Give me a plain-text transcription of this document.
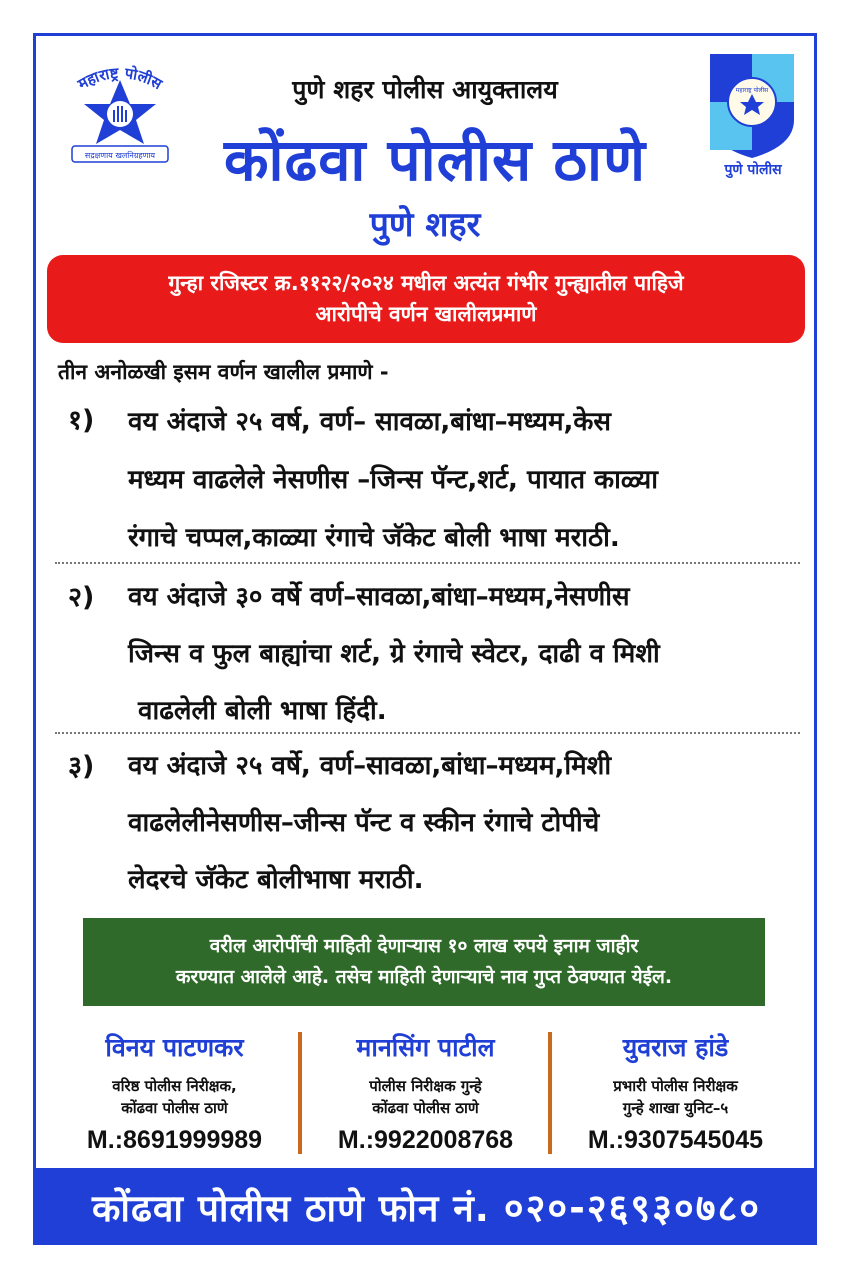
महाराष्ट्र पोलीस
सद्रक्षणाय खलनिग्रहणाय
पुणे शहर पोलीस आयुक्तालय
कोंढवा पोलीस ठाणे
पुणे शहर
महाराष्ट्र पोलीस
पुणे पोलीस
गुन्हा रजिस्टर क्र.११२२/२०२४ मधील अत्यंत गंभीर गुन्ह्यातील पाहिजे
आरोपीचे वर्णन खालीलप्रमाणे
तीन अनोळखी इसम वर्णन खालील प्रमाणे -
१) वय अंदाजे २५ वर्ष, वर्ण– सावळा,बांधा–मध्यम,केस
मध्यम वाढलेले नेसणीस –जिन्स पॅन्ट,शर्ट, पायात काळ्या
रंगाचे चप्पल,काळ्या रंगाचे जॅकेट बोली भाषा मराठी.
२) वय अंदाजे ३० वर्षे वर्ण–सावळा,बांधा–मध्यम,नेसणीस
जिन्स व फुल बाह्यांचा शर्ट, ग्रे रंगाचे स्वेटर, दाढी व मिशी
वाढलेली बोली भाषा हिंदी.
३) वय अंदाजे २५ वर्षे, वर्ण–सावळा,बांधा–मध्यम,मिशी
वाढलेलीनेसणीस–जीन्स पॅन्ट व स्कीन रंगाचे टोपीचे
लेदरचे जॅकेट बोलीभाषा मराठी.
वरील आरोपींची माहिती देणाऱ्यास १० लाख रुपये इनाम जाहीर
करण्यात आलेले आहे. तसेच माहिती देणाऱ्याचे नाव गुप्त ठेवण्यात येईल.
विनय पाटणकर
वरिष्ठ पोलीस निरीक्षक,
कोंढवा पोलीस ठाणे
M.:8691999989
मानसिंग पाटील
पोलीस निरीक्षक गुन्हे
कोंढवा पोलीस ठाणे
M.:9922008768
युवराज हांडे
प्रभारी पोलीस निरीक्षक
गुन्हे शाखा युनिट–५
M.:9307545045
कोंढवा पोलीस ठाणे फोन नं. ०२०-२६९३०७८०
